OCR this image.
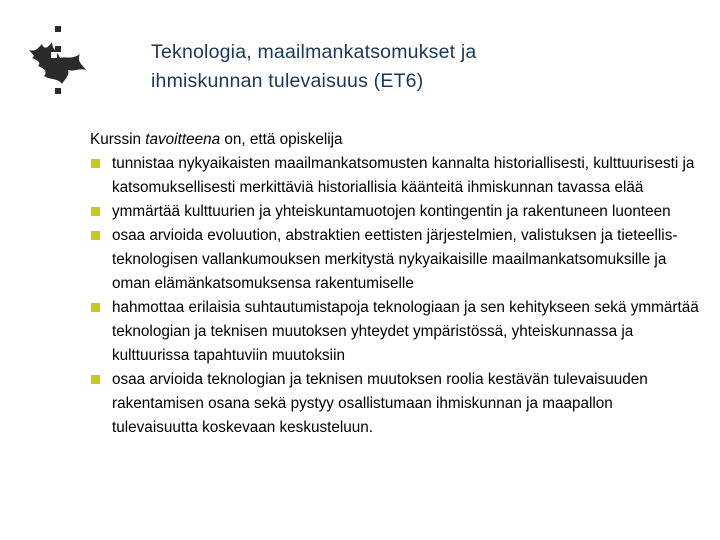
Teknologia, maailmankatsomukset ja
ihmiskunnan tulevaisuus (ET6)

Kurssin tavoitteena on, että opiskelija

tunnistaa nykyaikaisten maailmankatsomusten kannalta historiallisesti, kulttuurisesti ja katsomuksellisesti merkittäviä historiallisia käänteitä ihmiskunnan tavassa elää
ymmärtää kulttuurien ja yhteiskuntamuotojen kontingentin ja rakentuneen luonteen
osaa arvioida evoluution, abstraktien eettisten järjestelmien, valistuksen ja tieteellis-teknologisen vallankumouksen merkitystä nykyaikaisille maailmankatsomuksille ja oman elämänkatsomuksensa rakentumiselle
hahmottaa erilaisia suhtautumistapoja teknologiaan ja sen kehitykseen sekä ymmärtää teknologian ja teknisen muutoksen yhteydet ympäristössä, yhteiskunnassa ja kulttuurissa tapahtuviin muutoksiin
osaa arvioida teknologian ja teknisen muutoksen roolia kestävän tulevaisuuden rakentamisen osana sekä pystyy osallistumaan ihmiskunnan ja maapallon tulevaisuutta koskevaan keskusteluun.
